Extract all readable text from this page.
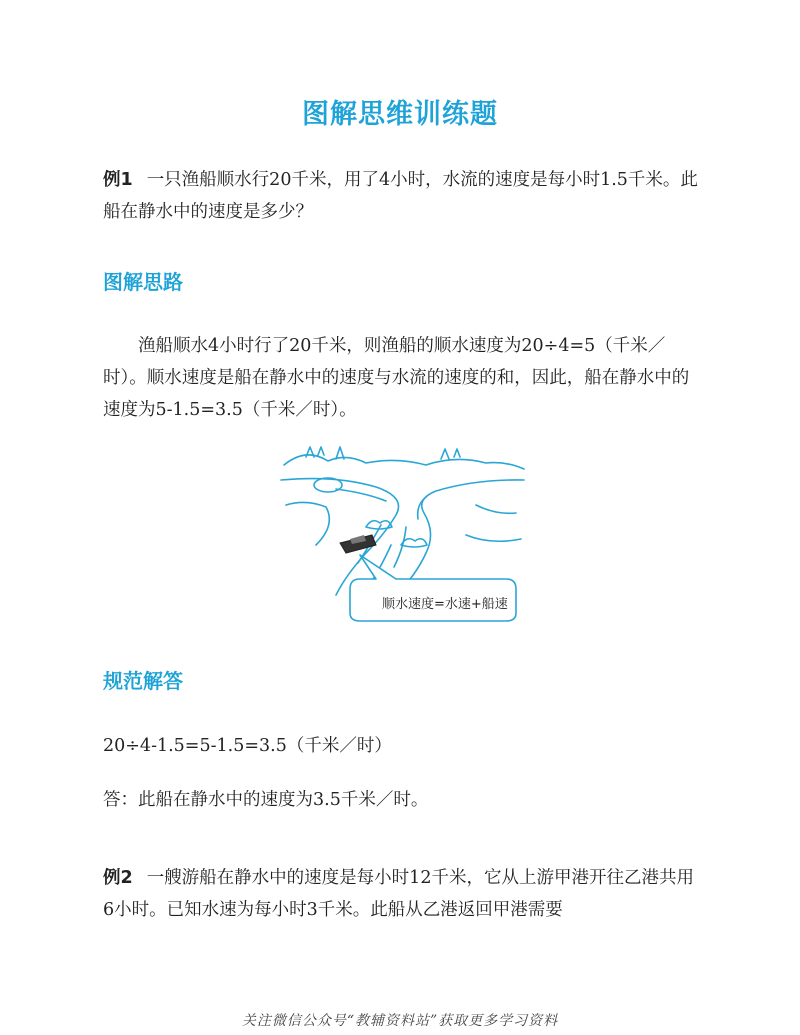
图解思维训练题

例1 一只渔船顺水行20千米，用了4小时，水流的速度是每小时1.5千米。此船在静水中的速度是多少？

图解思路

渔船顺水4小时行了20千米，则渔船的顺水速度为20÷4=5（千米／时）。顺水速度是船在静水中的速度与水流的速度的和，因此，船在静水中的速度为5-1.5=3.5（千米／时）。

顺水速度=水速+船速
规范解答

20÷4-1.5=5-1.5=3.5（千米／时）

答：此船在静水中的速度为3.5千米／时。

例2 一艘游船在静水中的速度是每小时12千米，它从上游甲港开往乙港共用6小时。已知水速为每小时3千米。此船从乙港返回甲港需要

关注微信公众号“教辅资料站”获取更多学习资料
